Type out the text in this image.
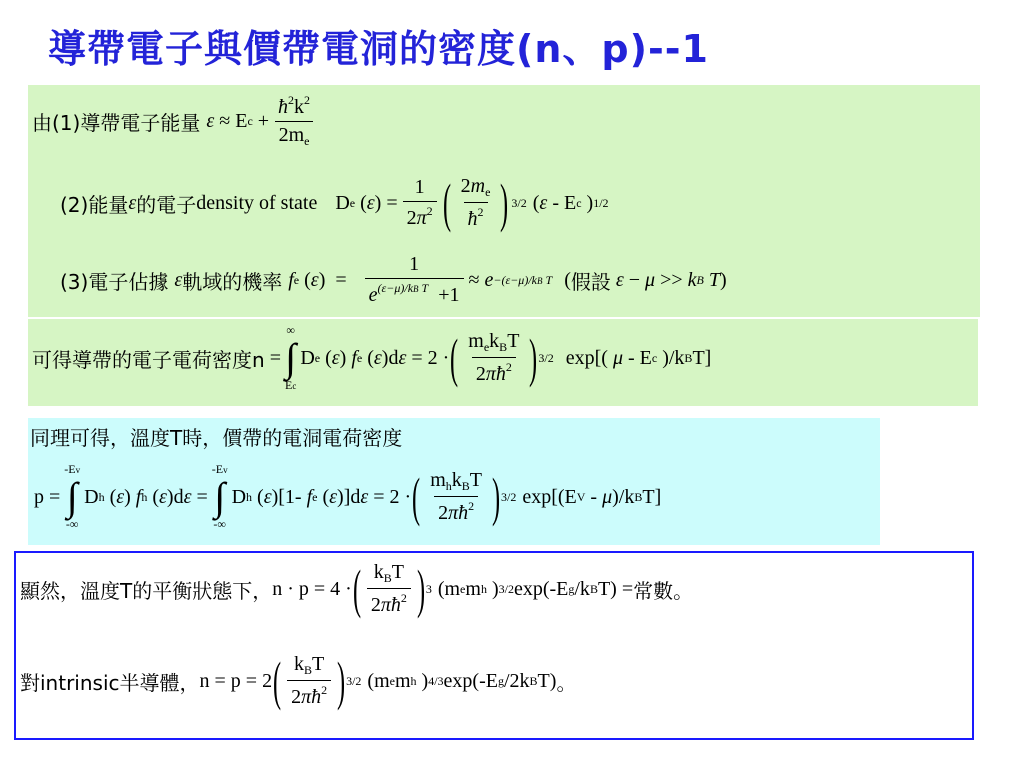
導帶電子與價帶電洞的密度(n、p)--1
由(1)導帶電子能量 ε ≈ E $c + \frac{ħ^2k^2}{2m_e}$
(2)能量 ε 的電子 density of state D e ( ε ) = $\frac{1}{2\pi^2}$ ( $\frac{2m_e}{ħ^2}$ ) 3/2 ( ε - E c ) 1/2
(3)電子佔據 ε 軌域的機率 f e ( ε )  = $\frac{1}{e^{(\varepsilon-\mu)/kB T} +1} \approx e -(\varepsilon-\mu)/kB$ T ( 假設
ε − μ >> k B
T )
可得導帶的電子電荷密度n =
∞
∫
Ec
D e ( ε ) f e ( ε )d ε = 2 · ( $\frac{m_ek_BT}{2\pi ħ^2}$ ) 3/2 exp[( μ - E c )/k B T]
同理可得，溫度T時，價帶的電洞電荷密度
p =
-Ev
∫
-∞
D h ( ε ) f h ( ε )d ε =
-Ev
∫
-∞
D h ( ε )[1- f e ( ε )]d ε = 2 · ( $\frac{m_hk_BT}{2\pi ħ^2}$ ) 3/2 exp[(E V - μ )/k B T]
顯然，溫度T的平衡狀態下， n · p = 4 · ( $\frac{k_BT}{2\pi ħ^2}$ ) 3 (m e m h ) 3/2 exp(-E g /k B T) = 常數。
對intrinsic半導體， n = p = 2 ( $\frac{k_BT}{2\pi ħ^2}$ ) 3/2 (m e m h ) 4/3 exp(-E g /2k B T) 。
